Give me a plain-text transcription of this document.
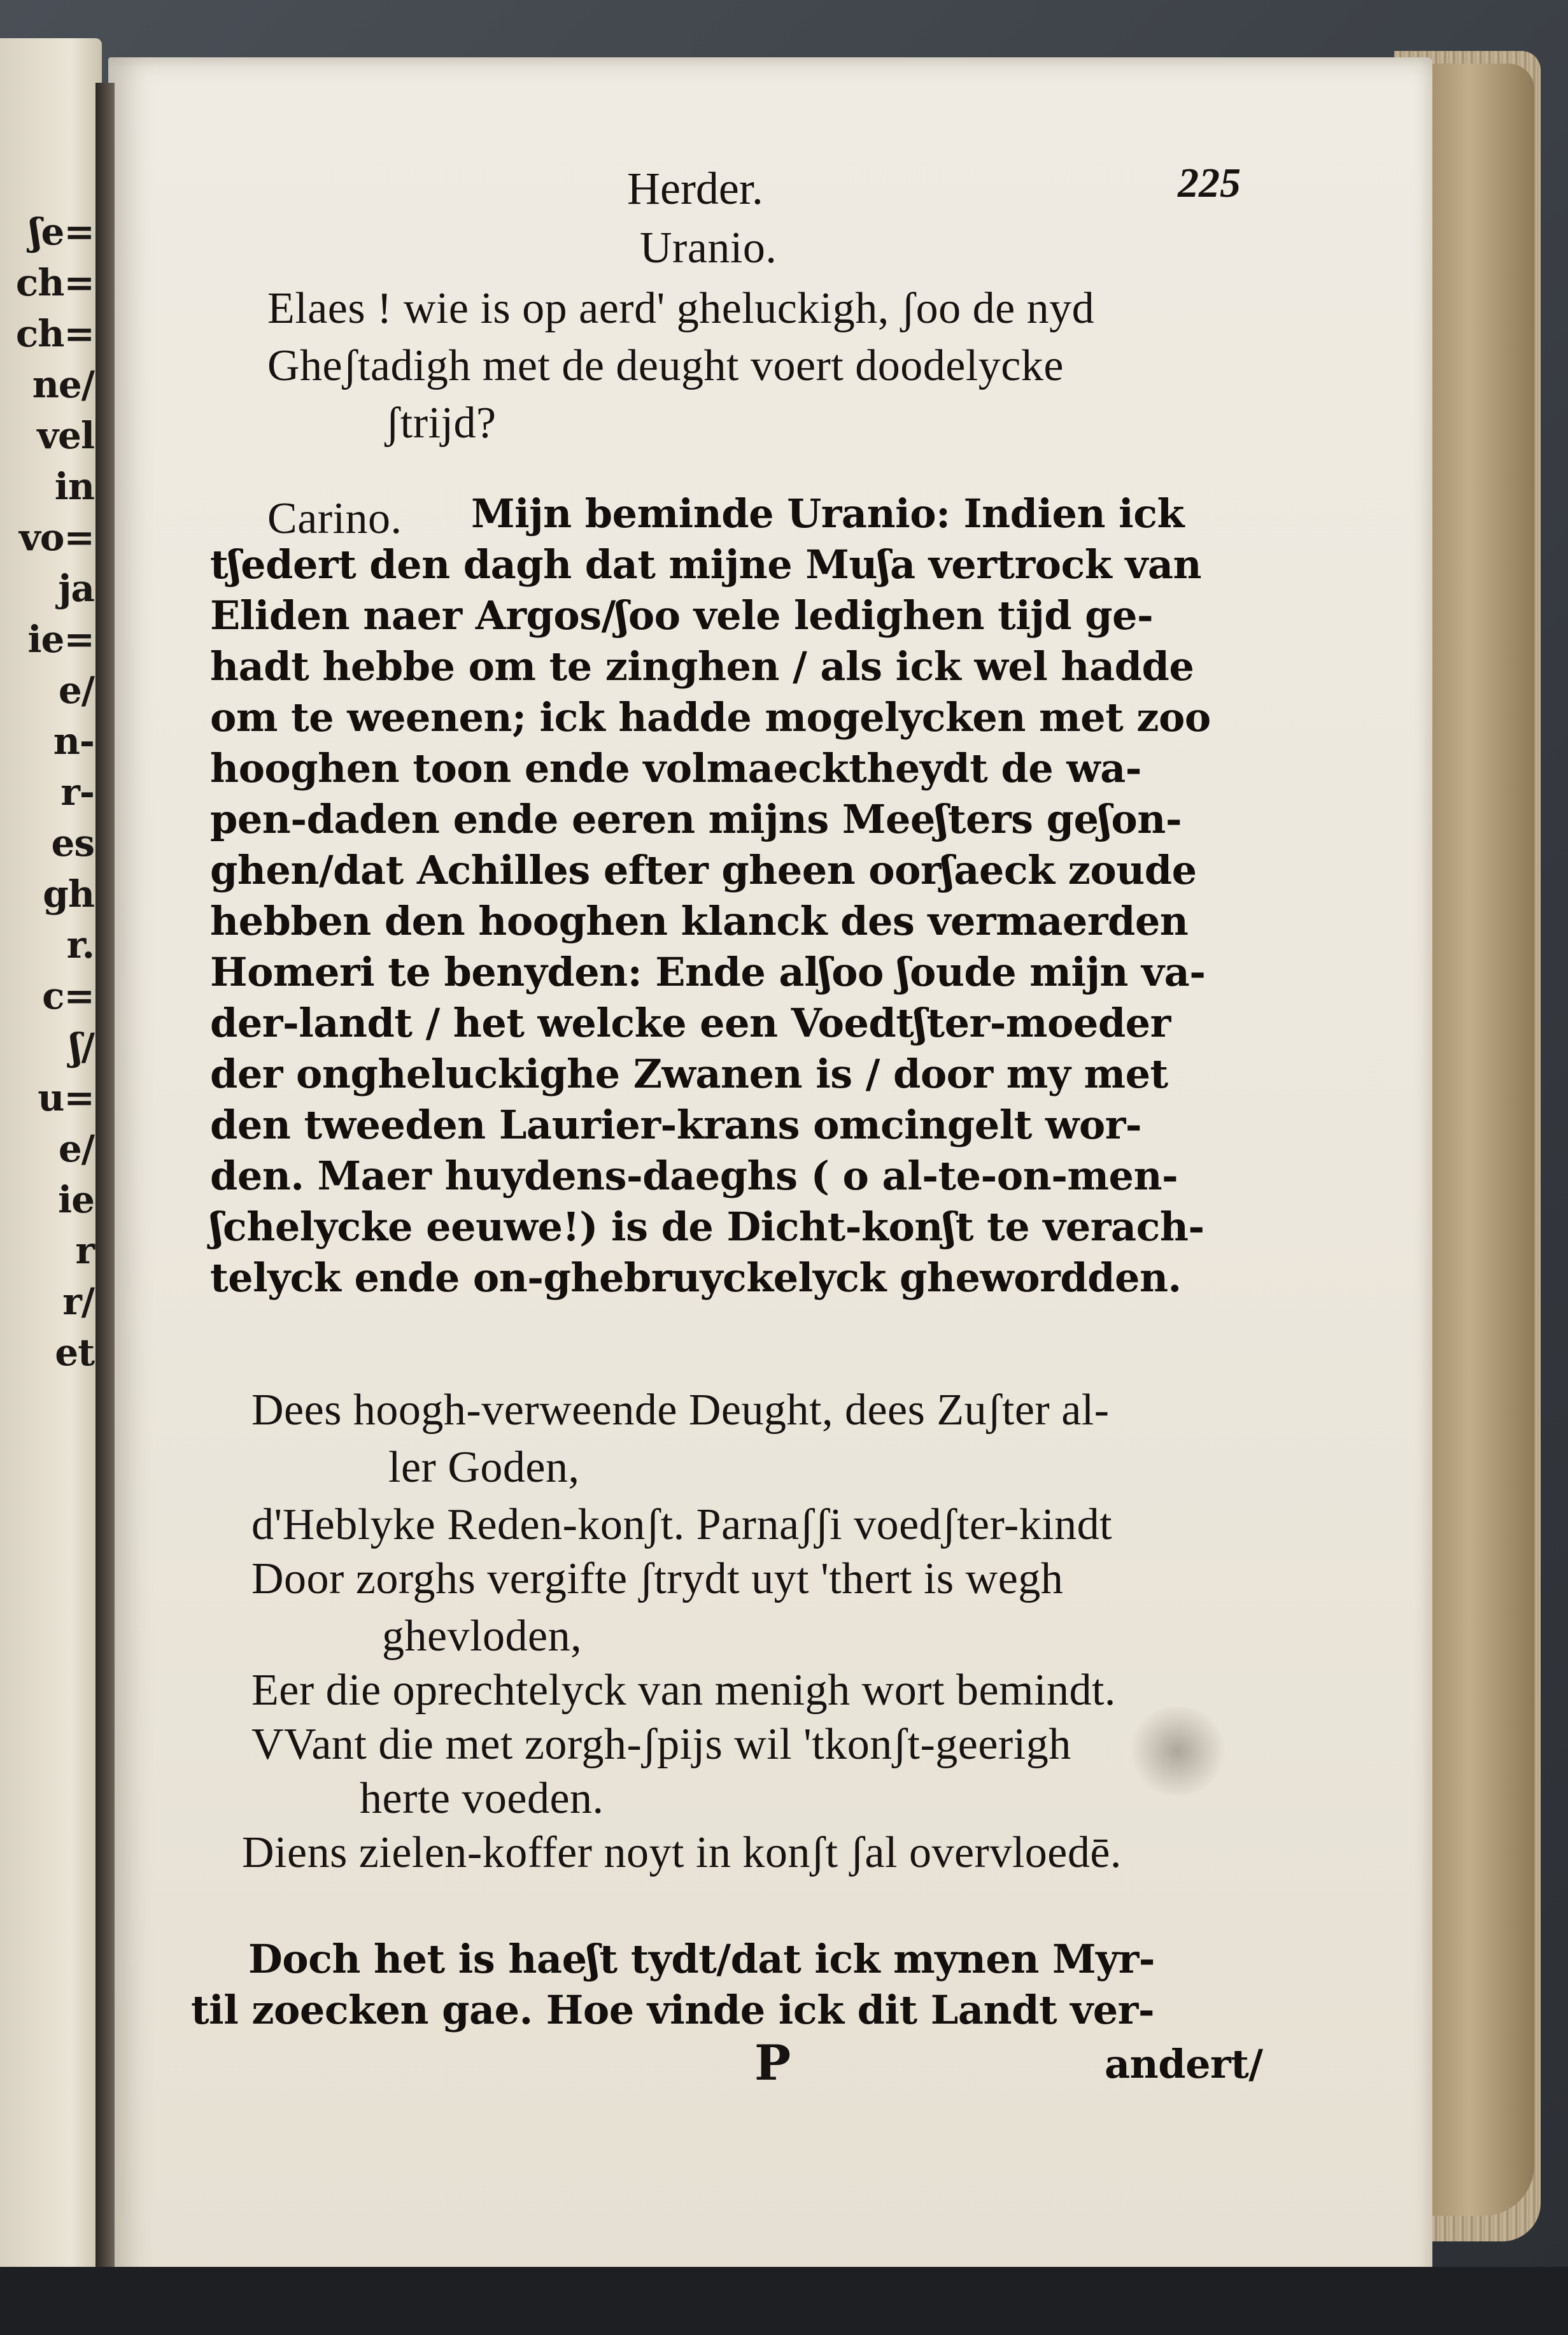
ʃe=
ch=
ch=
ne/
vel
in
vo=
ja
ie=
e/
n-
r-
es
gh
r.
c=
ʃ/
u=
e/
ie
r
r/
et
Herder.	225
Uranio.
Elaes ! wie is op aerd' gheluckigh, ʃoo de nyd
Gheʃtadigh met de deught voert doodelycke
ʃtrijd?
Carino. Mijn beminde Uranio: Indien ick
tʃedert den dagh dat mijne Muʃa vertrock van
Eliden naer Argos/ʃoo vele ledighen tijd ge-
hadt hebbe om te zinghen / als ick wel hadde
om te weenen; ick hadde mogelycken met zoo
hooghen toon ende volmaecktheydt de wa-
pen-daden ende eeren mijns Meeʃters geʃon-
ghen/dat Achilles efter gheen oorʃaeck zoude
hebben den hooghen klanck des vermaerden
Homeri te benyden: Ende alʃoo ʃoude mijn va-
der-landt / het welcke een Voedtʃter-moeder
der ongheluckighe Zwanen is / door my met
den tweeden Laurier-krans omcingelt wor-
den. Maer huydens-daeghs ( o al-te-on-men-
ʃchelycke eeuwe!) is de Dicht-konʃt te verach-
telyck ende on-ghebruyckelyck ghewordden.
Dees hoogh-verweende Deught, dees Zuʃter al-
ler Goden,
d'Heblyke Reden-konʃt. Parnaʃʃi voedʃter-kindt
Door zorghs vergifte ʃtrydt uyt 'thert is wegh
ghevloden,
Eer die oprechtelyck van menigh wort bemindt.
VVant die met zorgh-ʃpijs wil 'tkonʃt-geerigh
herte voeden.
Diens zielen-koffer noyt in konʃt ʃal overvloedē.
Doch het is haeʃt tydt/dat ick mynen Myr-
til zoecken gae. Hoe vinde ick dit Landt ver-
P	andert/
